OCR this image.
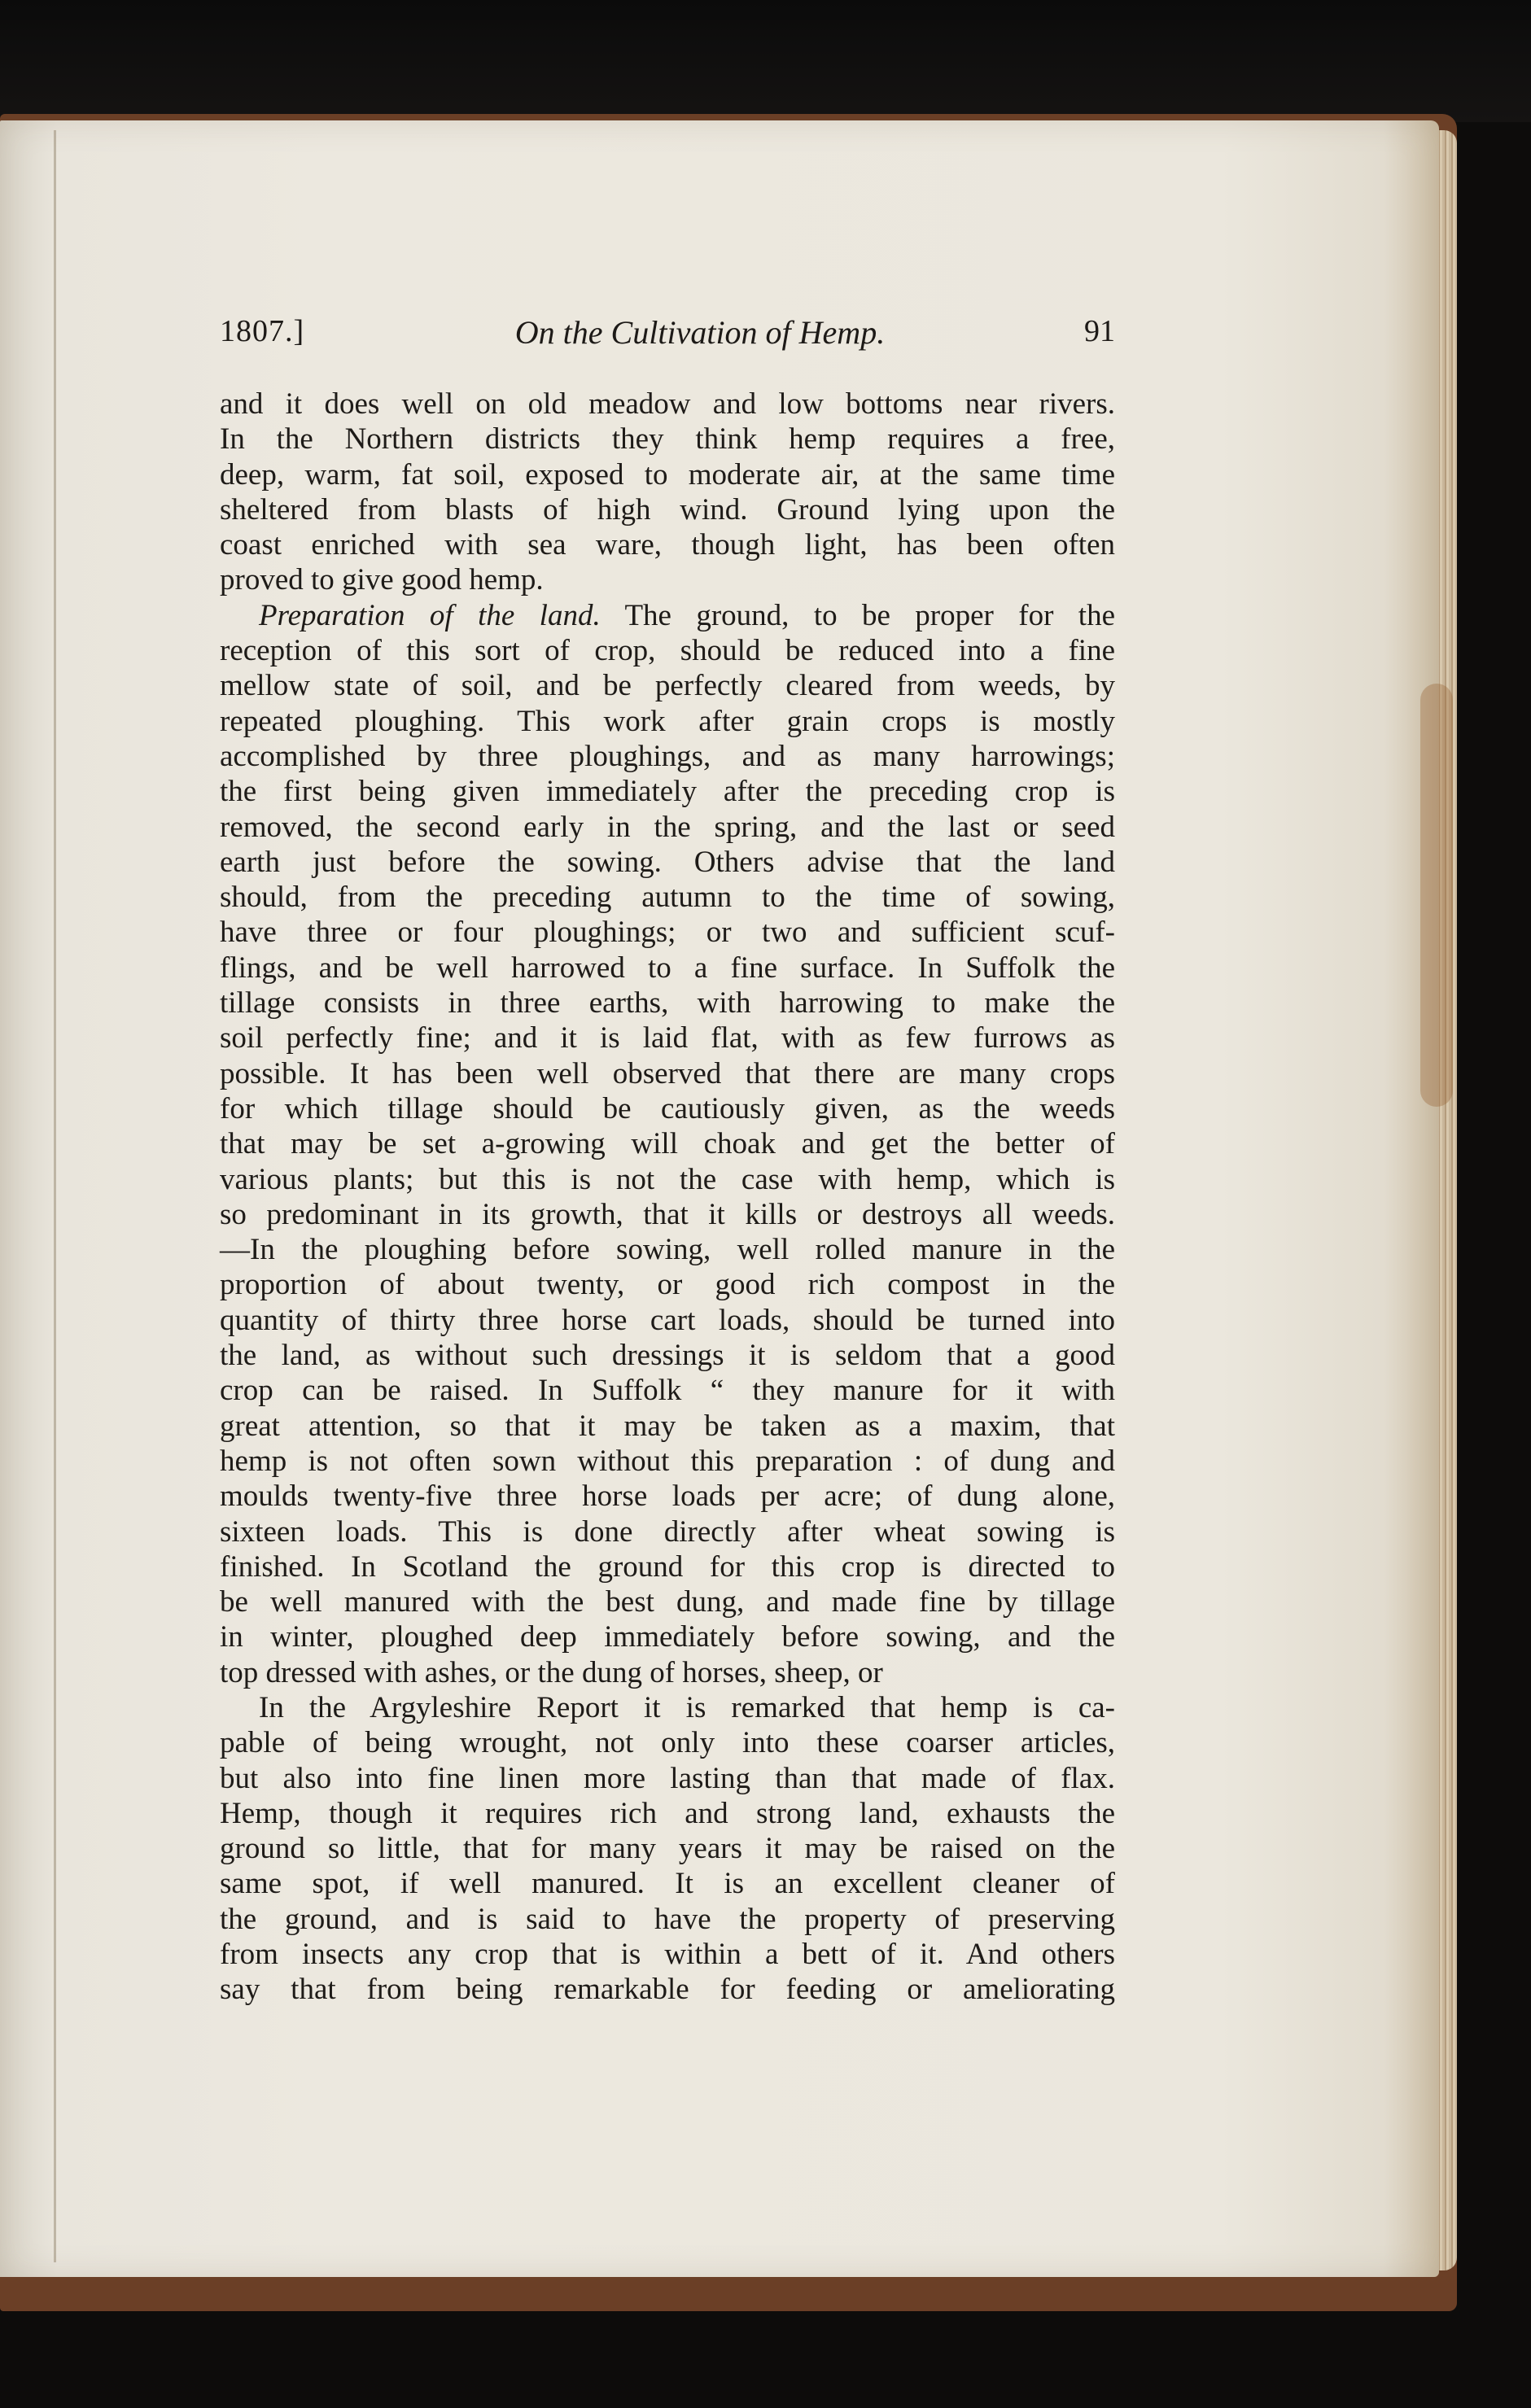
1807.]	On the Cultivation of Hemp.	91
and it does well on old meadow and low bottoms near rivers.
In the Northern districts they think hemp requires a free,
deep, warm, fat soil, exposed to moderate air, at the same time
sheltered from blasts of high wind. Ground lying upon the
coast enriched with sea ware, though light, has been often
proved to give good hemp.
Preparation of the land. The ground, to be proper for the
reception of this sort of crop, should be reduced into a fine
mellow state of soil, and be perfectly cleared from weeds, by
repeated ploughing. This work after grain crops is mostly
accomplished by three ploughings, and as many harrowings;
the first being given immediately after the preceding crop is
removed, the second early in the spring, and the last or seed
earth just before the sowing. Others advise that the land
should, from the preceding autumn to the time of sowing,
have three or four ploughings; or two and sufficient scuf-
flings, and be well harrowed to a fine surface. In Suffolk the
tillage consists in three earths, with harrowing to make the
soil perfectly fine; and it is laid flat, with as few furrows as
possible. It has been well observed that there are many crops
for which tillage should be cautiously given, as the weeds
that may be set a-growing will choak and get the better of
various plants; but this is not the case with hemp, which is
so predominant in its growth, that it kills or destroys all weeds.
—In the ploughing before sowing, well rolled manure in the
proportion of about twenty, or good rich compost in the
quantity of thirty three horse cart loads, should be turned into
the land, as without such dressings it is seldom that a good
crop can be raised. In Suffolk “ they manure for it with
great attention, so that it may be taken as a maxim, that
hemp is not often sown without this preparation : of dung and
moulds twenty-five three horse loads per acre; of dung alone,
sixteen loads. This is done directly after wheat sowing is
finished. In Scotland the ground for this crop is directed to
be well manured with the best dung, and made fine by tillage
in winter, ploughed deep immediately before sowing, and the
top dressed with ashes, or the dung of horses, sheep, or
In the Argyleshire Report it is remarked that hemp is ca-
pable of being wrought, not only into these coarser articles,
but also into fine linen more lasting than that made of flax.
Hemp, though it requires rich and strong land, exhausts the
ground so little, that for many years it may be raised on the
same spot, if well manured. It is an excellent cleaner of
the ground, and is said to have the property of preserving
from insects any crop that is within a bett of it. And others
say that from being remarkable for feeding or ameliorating
